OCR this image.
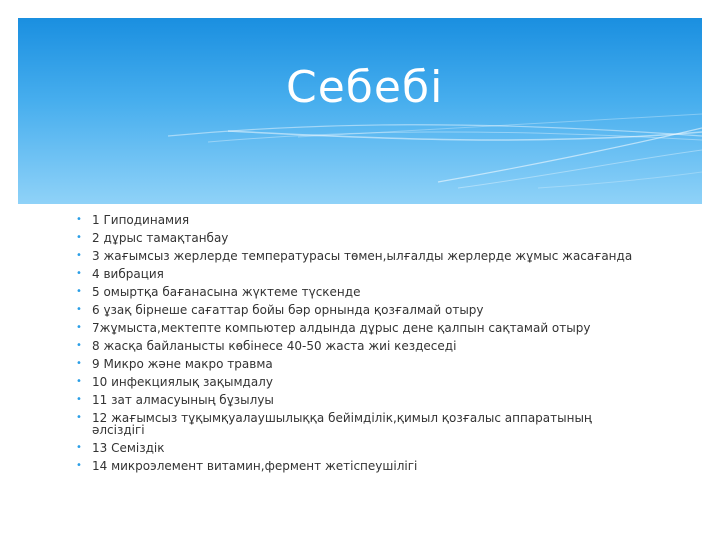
Себебі
• 1 Гиподинамия
• 2 дұрыс тамақтанбау
• 3 жағымсыз жерлерде температурасы төмен,ылғалды жерлерде жұмыс жасағанда
• 4 вибрация
• 5 омыртқа бағанасына жүктеме түскенде
• 6 ұзақ бірнеше сағаттар бойы бәр орнында қозғалмай отыру
• 7жұмыста,мектепте компьютер алдында дұрыс дене қалпын сақтамай отыру
• 8 жасқа байланысты көбінесе 40-50 жаста жиі кездеседі
• 9 Микро және макро травма
• 10 инфекциялық зақымдалу
• 11 зат алмасуының бұзылуы
• 12 жағымсыз тұқымқуалаушылыққа бейімділік,қимыл қозғалыс аппаратының әлсіздігі
• 13 Семіздік
• 14 микроэлемент витамин,фермент жетіспеушілігі
